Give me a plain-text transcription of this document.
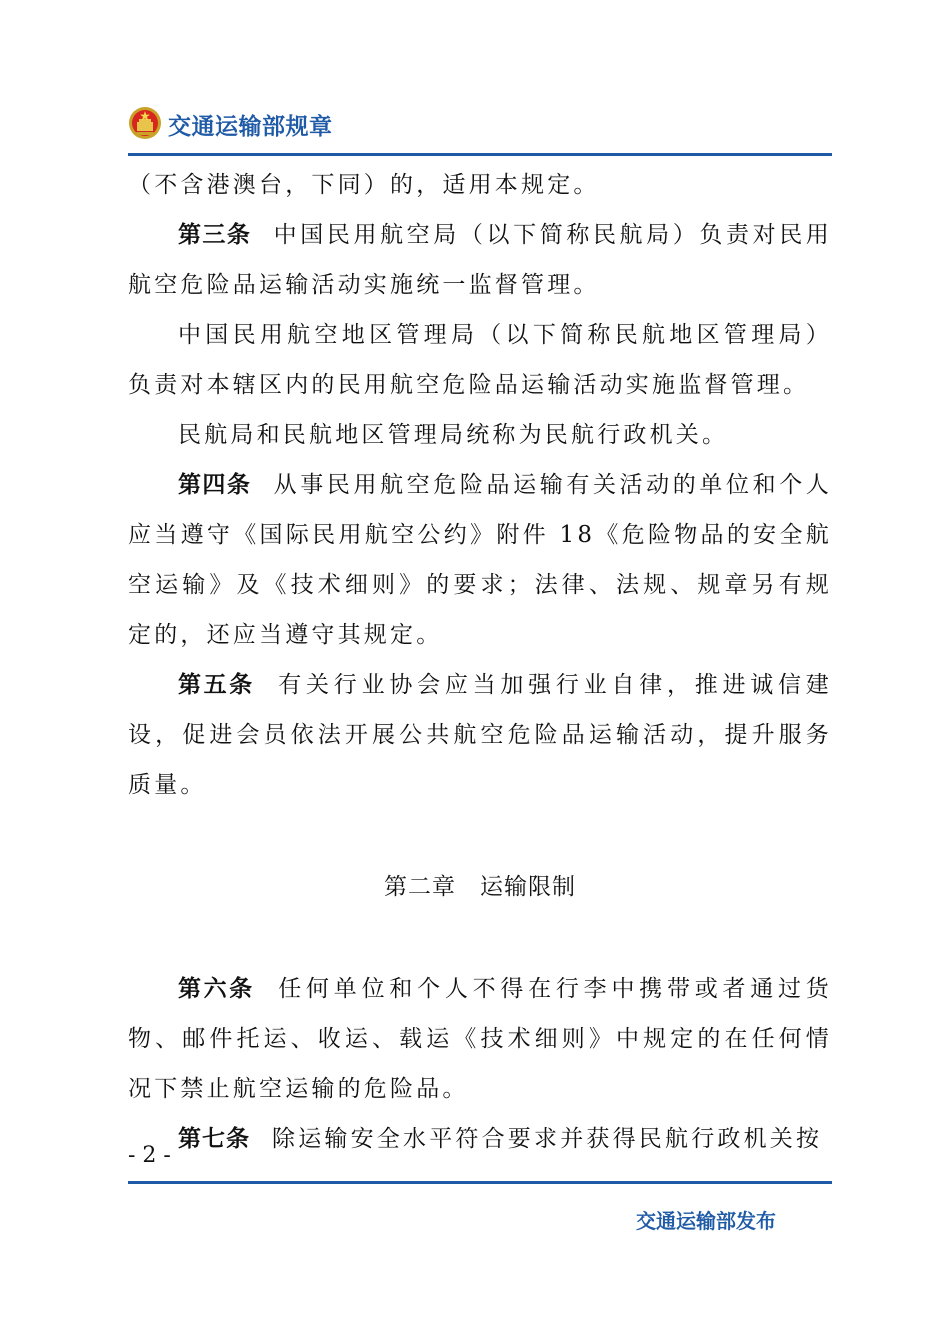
交通运输部规章

（不含港澳台，下同）的，适用本规定。

第三条 中国民用航空局（以下简称民航局）负责对民用航空危险品运输活动实施统一监督管理。

中国民用航空地区管理局（以下简称民航地区管理局）负责对本辖区内的民用航空危险品运输活动实施监督管理。

民航局和民航地区管理局统称为民航行政机关。

第四条 从事民用航空危险品运输有关活动的单位和个人应当遵守《国际民用航空公约》附件 18《危险物品的安全航空运输》及《技术细则》的要求；法律、法规、规章另有规定的，还应当遵守其规定。

第五条 有关行业协会应当加强行业自律，推进诚信建设，促进会员依法开展公共航空危险品运输活动，提升服务质量。

第二章 运输限制

第六条 任何单位和个人不得在行李中携带或者通过货物、邮件托运、收运、载运《技术细则》中规定的在任何情况下禁止航空运输的危险品。

第七条 除运输安全水平符合要求并获得民航行政机关按

- 2 -
交通运输部发布
